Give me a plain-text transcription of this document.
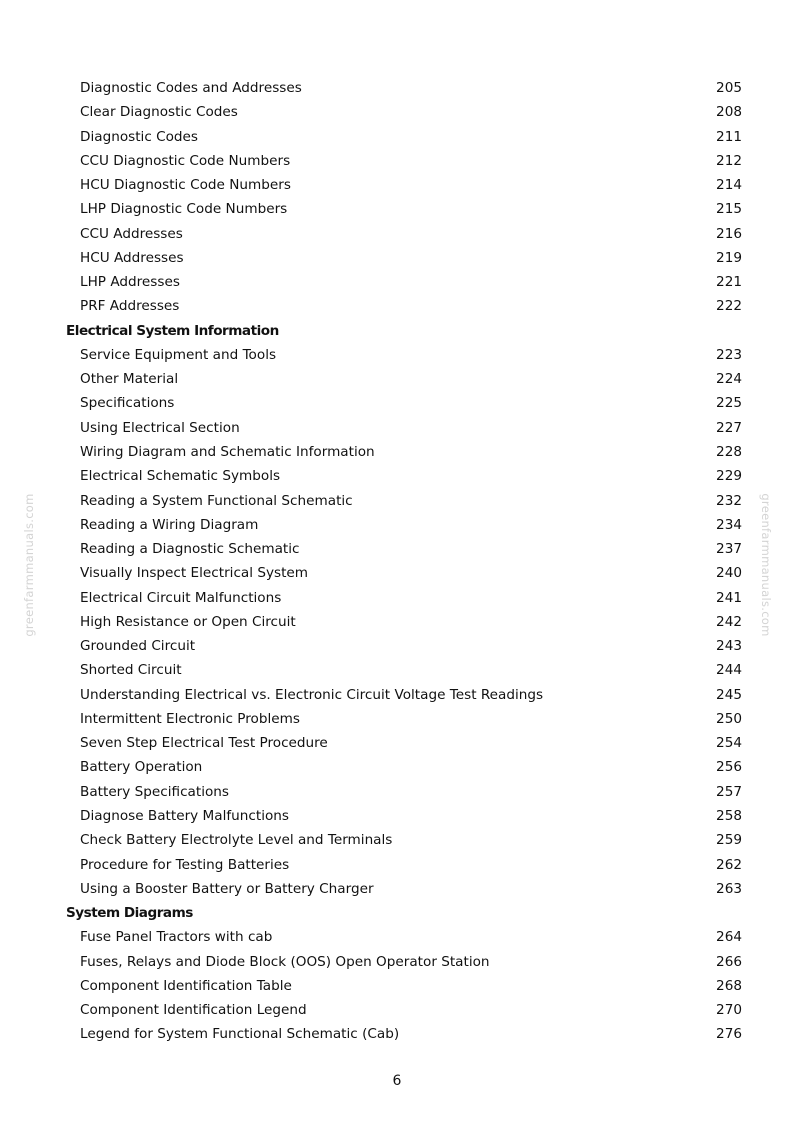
greenfarmmanuals.com	greenfarmmanuals.com
Diagnostic Codes and Addresses	205
Clear Diagnostic Codes	208
Diagnostic Codes	211
CCU Diagnostic Code Numbers	212
HCU Diagnostic Code Numbers	214
LHP Diagnostic Code Numbers	215
CCU Addresses	216
HCU Addresses	219
LHP Addresses	221
PRF Addresses	222
Electrical System Information
Service Equipment and Tools	223
Other Material	224
Specifications	225
Using Electrical Section	227
Wiring Diagram and Schematic Information	228
Electrical Schematic Symbols	229
Reading a System Functional Schematic	232
Reading a Wiring Diagram	234
Reading a Diagnostic Schematic	237
Visually Inspect Electrical System	240
Electrical Circuit Malfunctions	241
High Resistance or Open Circuit	242
Grounded Circuit	243
Shorted Circuit	244
Understanding Electrical vs. Electronic Circuit Voltage Test Readings	245
Intermittent Electronic Problems	250
Seven Step Electrical Test Procedure	254
Battery Operation	256
Battery Specifications	257
Diagnose Battery Malfunctions	258
Check Battery Electrolyte Level and Terminals	259
Procedure for Testing Batteries	262
Using a Booster Battery or Battery Charger	263
System Diagrams
Fuse Panel Tractors with cab	264
Fuses, Relays and Diode Block (OOS) Open Operator Station	266
Component Identification Table	268
Component Identification Legend	270
Legend for System Functional Schematic (Cab)	276
6
